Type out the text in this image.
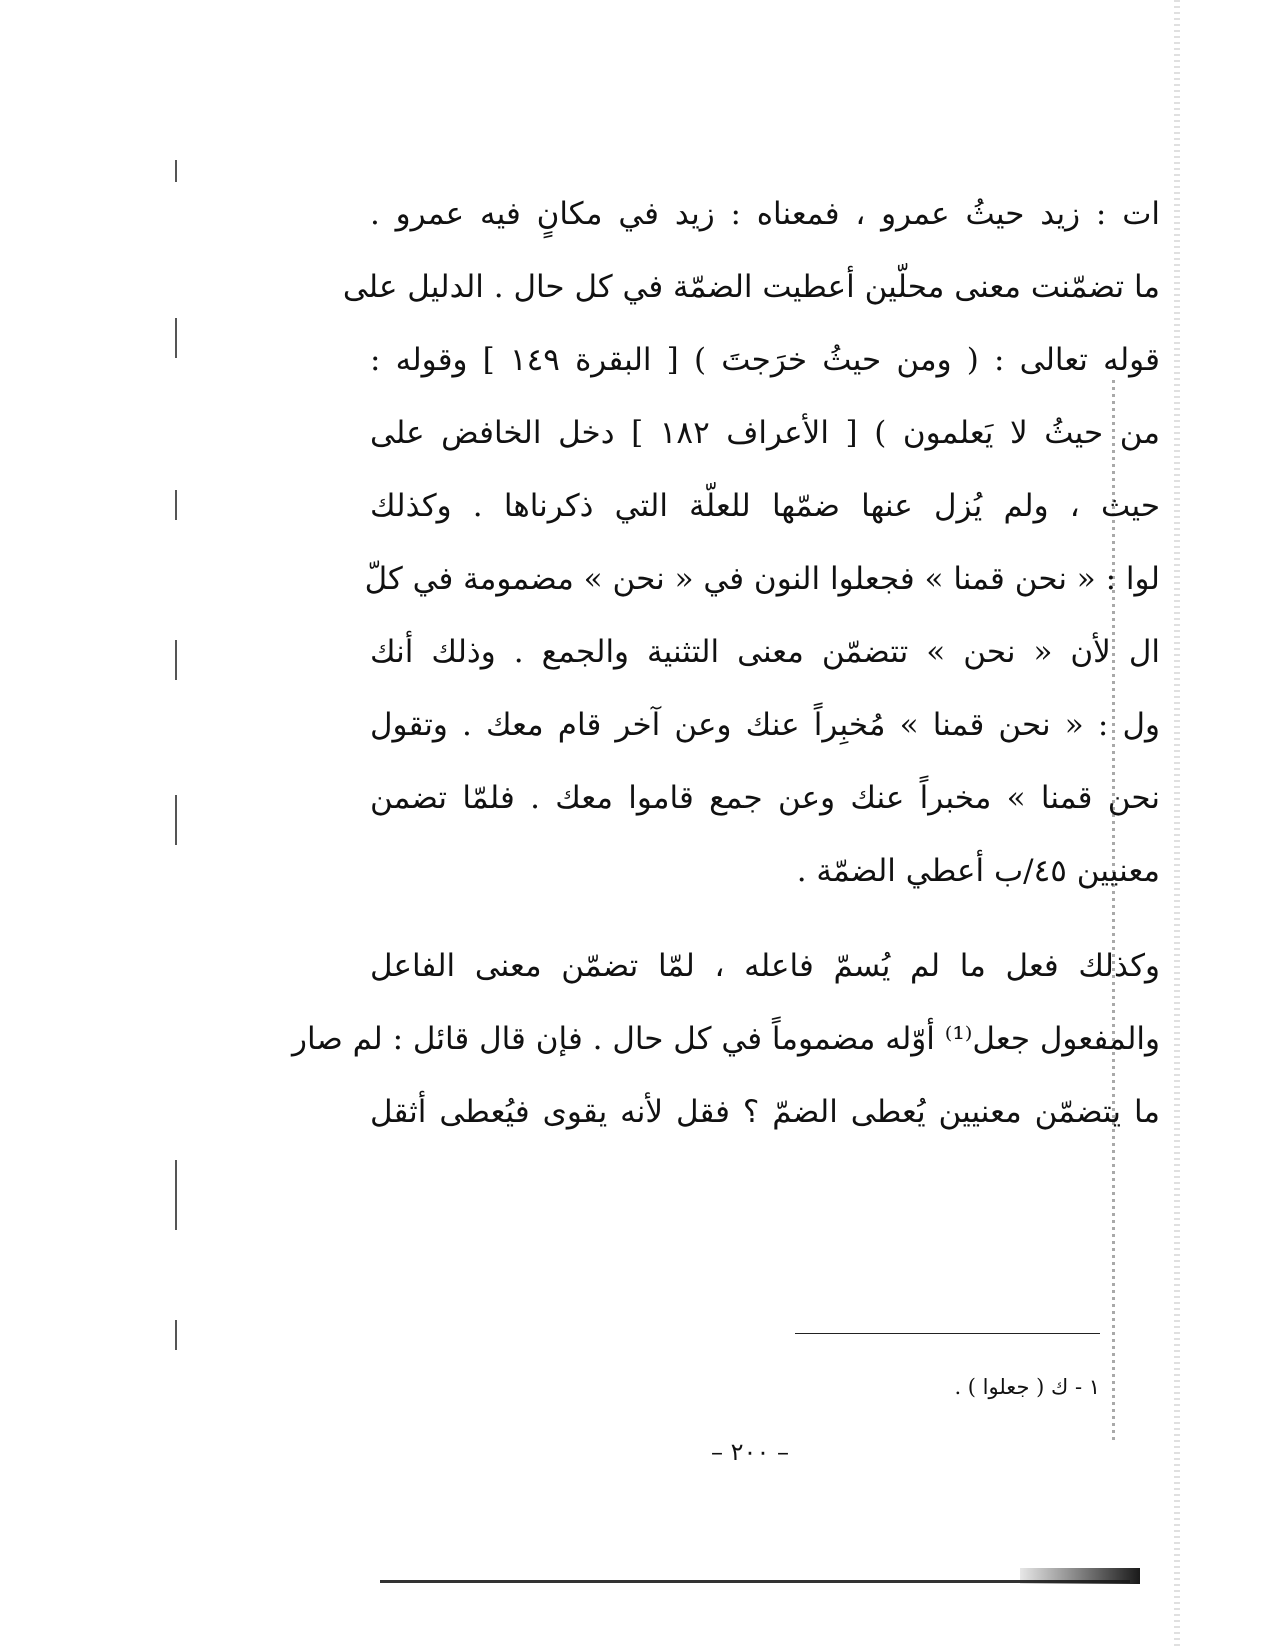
ات : زيد حيثُ عمرو ، فمعناه : زيد في مكانٍ فيه عمرو .
ما تضمّنت معنى محلّين أعطيت الضمّة في كل حال . الدليل على
قوله تعالى : ( ومن حيثُ خرَجتَ ) [ البقرة ١٤٩ ] وقوله :
من حيثُ لا يَعلمون ) [ الأعراف ١٨٢ ] دخل الخافض على
حيث ، ولم يُزل عنها ضمّها للعلّة التي ذكرناها . وكذلك
لوا : « نحن قمنا » فجعلوا النون في « نحن » مضمومة في كلّ
ال لأن « نحن » تتضمّن معنى التثنية والجمع . وذلك أنك
ول : « نحن قمنا » مُخبِراً عنك وعن آخر قام معك . وتقول
نحن قمنا » مخبراً عنك وعن جمع قاموا معك . فلمّا تضمن
معنيين ٤٥/ب أعطي الضمّة .
وكذلك فعل ما لم يُسمّ فاعله ، لمّا تضمّن معنى الفاعل
والمفعول جعل⁽¹⁾ أوّله مضموماً في كل حال . فإن قال قائل : لم صار
ما يتضمّن معنيين يُعطى الضمّ ؟ فقل لأنه يقوى فيُعطى أثقل
١ - ك ( جعلوا ) .
– ٢٠٠ –
